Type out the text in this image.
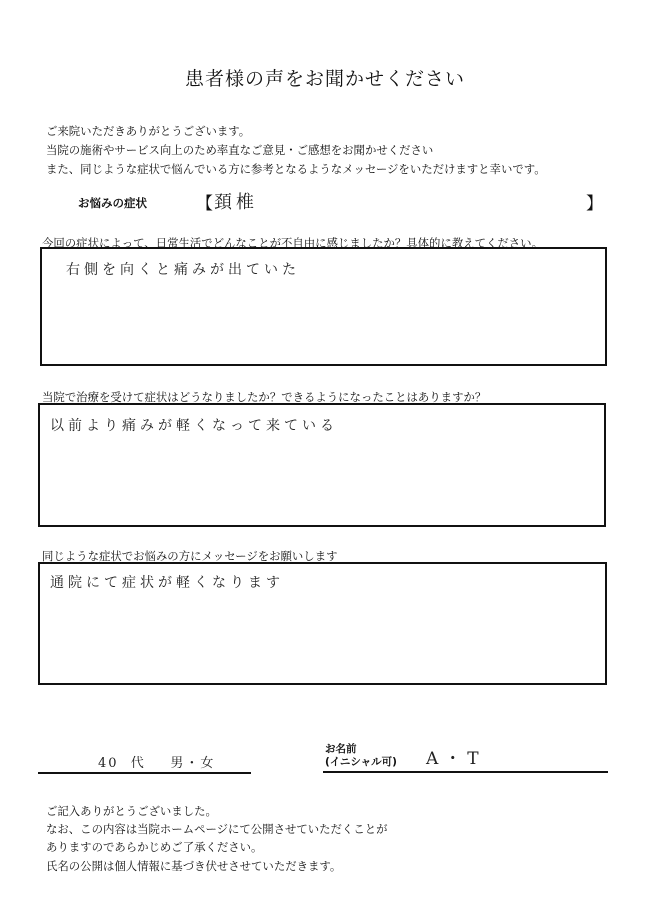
患者様の声をお聞かせください
ご来院いただきありがとうございます。
当院の施術やサービス向上のため率直なご意見・ご感想をお聞かせください
また、同じような症状で悩んでいる方に参考となるようなメッセージをいただけますと幸いです。
お悩みの症状	【 頚椎	】
今回の症状によって、日常生活でどんなことが不自由に感じましたか？具体的に教えてください。
右側を向くと痛みが出ていた
当院で治療を受けて症状はどうなりましたか？できるようになったことはありますか？
以前より痛みが軽くなって来ている
同じような症状でお悩みの方にメッセージをお願いします
通院にて症状が軽くなります
40  代    男・女
お名前
(イニシャル可) A・T
ご記入ありがとうございました。
なお、この内容は当院ホームページにて公開させていただくことが
ありますのであらかじめご了承ください。
氏名の公開は個人情報に基づき伏せさせていただきます。
